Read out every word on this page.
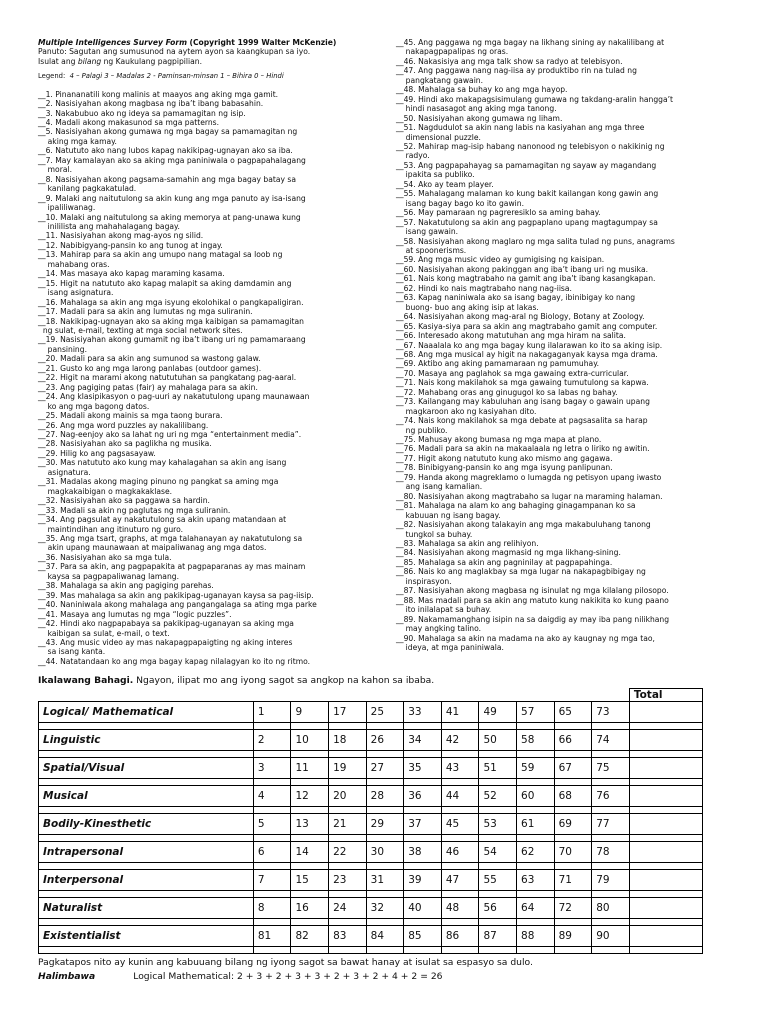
Multiple Intelligences Survey Form (Copyright 1999 Walter McKenzie)
Panuto: Sagutan ang sumusunod na aytem ayon sa kaangkupan sa iyo.
Isulat ang bilang ng Kaukulang pagpipilian.
Legend: 4 – Palagi 3 – Madalas 2 - Paminsan-minsan 1 – Bihira 0 – Hindi
__1. Pinananatili kong malinis at maayos ang aking mga gamit.
__2. Nasisiyahan akong magbasa ng iba’t ibang babasahin.
__3. Nakabubuo ako ng ideya sa pamamagitan ng isip.
__4. Madali akong makasunod sa mga patterns.
__5. Nasisiyahan akong gumawa ng mga bagay sa pamamagitan ng
aking mga kamay.
__6. Natututo ako nang lubos kapag nakikipag-ugnayan ako sa iba.
__7. May kamalayan ako sa aking mga paniniwala o pagpapahalagang
moral.
__8. Nasisiyahan akong pagsama-samahin ang mga bagay batay sa
kanilang pagkakatulad.
__9. Malaki ang naitutulong sa akin kung ang mga panuto ay isa-isang
ipaliliwanag.
__10. Malaki ang naitutulong sa aking memorya at pang-unawa kung
inililista ang mahahalagang bagay.
__11. Nasisiyahan akong mag-ayos ng silid.
__12. Nabibigyang-pansin ko ang tunog at ingay.
__13. Mahirap para sa akin ang umupo nang matagal sa loob ng
mahabang oras.
__14. Mas masaya ako kapag maraming kasama.
__15. Higit na natututo ako kapag malapit sa aking damdamin ang
isang asignatura.
__16. Mahalaga sa akin ang mga isyung ekolohikal o pangkapaligiran.
__17. Madali para sa akin ang lumutas ng mga suliranin.
__18. Nakikipag-ugnayan ako sa aking mga kaibigan sa pamamagitan
ng sulat, e-mail, texting at mga social network sites.
__19. Nasisiyahan akong gumamit ng iba’t ibang uri ng pamamaraang
pansining.
__20. Madali para sa akin ang sumunod sa wastong galaw.
__21. Gusto ko ang mga larong panlabas (outdoor games).
__22. Higit na marami akong natututuhan sa pangkatang pag-aaral.
__23. Ang pagiging patas (fair) ay mahalaga para sa akin.
__24. Ang klasipikasyon o pag-uuri ay nakatutulong upang maunawaan
ko ang mga bagong datos.
__25. Madali akong mainis sa mga taong burara.
__26. Ang mga word puzzles ay nakalilibang.
__27. Nag-eenjoy ako sa lahat ng uri ng mga “entertainment media”.
__28. Nasisiyahan ako sa paglikha ng musika.
__29. Hilig ko ang pagsasayaw.
__30. Mas natututo ako kung may kahalagahan sa akin ang isang
asignatura.
__31. Madalas akong maging pinuno ng pangkat sa aming mga
magkakaibigan o magkakaklase.
__32. Nasisiyahan ako sa paggawa sa hardin.
__33. Madali sa akin ng paglutas ng mga suliranin.
__34. Ang pagsulat ay nakatutulong sa akin upang matandaan at
maintindihan ang itinuturo ng guro.
__35. Ang mga tsart, graphs, at mga talahanayan ay nakatutulong sa
akin upang maunawaan at maipaliwanag ang mga datos.
__36. Nasisiyahan ako sa mga tula.
__37. Para sa akin, ang pagpapakita at pagpaparanas ay mas mainam
kaysa sa pagpapaliwanag lamang.
__38. Mahalaga sa akin ang pagiging parehas.
__39. Mas mahalaga sa akin ang pakikipag-uganayan kaysa sa pag-iisip.
__40. Naniniwala akong mahalaga ang pangangalaga sa ating mga parke
__41. Masaya ang lumutas ng mga “logic puzzles”.
__42. Hindi ako nagpapabaya sa pakikipag-uganayan sa aking mga
kaibigan sa sulat, e-mail, o text.
__43. Ang music video ay mas nakapagpapaigting ng aking interes
sa isang kanta.
__44. Natatandaan ko ang mga bagay kapag nilalagyan ko ito ng ritmo.
__45. Ang paggawa ng mga bagay na likhang sining ay nakalilibang at
nakapagpapalipas ng oras.
__46. Nakasisiya ang mga talk show sa radyo at telebisyon.
__47. Ang paggawa nang nag-iisa ay produktibo rin na tulad ng
pangkatang gawain.
__48. Mahalaga sa buhay ko ang mga hayop.
__49. Hindi ako makapagsisimulang gumawa ng takdang-aralin hangga’t
hindi nasasagot ang aking mga tanong.
__50. Nasisiyahan akong gumawa ng liham.
__51. Nagdudulot sa akin nang labis na kasiyahan ang mga three
dimensional puzzle.
__52. Mahirap mag-isip habang nanonood ng telebisyon o nakikinig ng
radyo.
__53. Ang pagpapahayag sa pamamagitan ng sayaw ay magandang
ipakita sa publiko.
__54. Ako ay team player.
__55. Mahalagang malaman ko kung bakit kailangan kong gawin ang
isang bagay bago ko ito gawin.
__56. May pamaraan ng pagreresiklo sa aming bahay.
__57. Nakatutulong sa akin ang pagpaplano upang magtagumpay sa
isang gawain.
__58. Nasisiyahan akong maglaro ng mga salita tulad ng puns, anagrams
at spoonerisms.
__59. Ang mga music video ay gumigising ng kaisipan.
__60. Nasisiyahan akong pakinggan ang iba’t ibang uri ng musika.
__61. Nais kong magtrabaho na gamit ang iba’t ibang kasangkapan.
__62. Hindi ko nais magtrabaho nang nag-iisa.
__63. Kapag naniniwala ako sa isang bagay, ibinibigay ko nang
buong- buo ang aking isip at lakas.
__64. Nasisiyahan akong mag-aral ng Biology, Botany at Zoology.
__65. Kasiya-siya para sa akin ang magtrabaho gamit ang computer.
__66. Interesado akong matutuhan ang mga hiram na salita.
__67. Naaalala ko ang mga bagay kung ilalarawan ko ito sa aking isip.
__68. Ang mga musical ay higit na nakagaganyak kaysa mga drama.
__69. Aktibo ang aking pamamaraan ng pamumuhay.
__70. Masaya ang paglahok sa mga gawaing extra-curricular.
__71. Nais kong makilahok sa mga gawaing tumutulong sa kapwa.
__72. Mahabang oras ang ginugugol ko sa labas ng bahay.
__73. Kailangang may kabuluhan ang isang bagay o gawain upang
magkaroon ako ng kasiyahan dito.
__74. Nais kong makilahok sa mga debate at pagsasalita sa harap
ng publiko.
__75. Mahusay akong bumasa ng mga mapa at plano.
__76. Madali para sa akin na makaalaala ng letra o liriko ng awitin.
__77. Higit akong natututo kung ako mismo ang gagawa.
__78. Binibigyang-pansin ko ang mga isyung panlipunan.
__79. Handa akong magreklamo o lumagda ng petisyon upang iwasto
ang isang kamalian.
__80. Nasisiyahan akong magtrabaho sa lugar na maraming halaman.
__81. Mahalaga na alam ko ang bahaging ginagampanan ko sa
kabuuan ng isang bagay.
__82. Nasisiyahan akong talakayin ang mga makabuluhang tanong
tungkol sa buhay.
__83. Mahalaga sa akin ang relihiyon.
__84. Nasisiyahan akong magmasid ng mga likhang-sining.
__85. Mahalaga sa akin ang pagninilay at pagpapahinga.
__86. Nais ko ang maglakbay sa mga lugar na nakapagbibigay ng
inspirasyon.
__87. Nasisiyahan akong magbasa ng isinulat ng mga kilalang pilosopo.
__88. Mas madali para sa akin ang matuto kung nakikita ko kung paano
ito inilalapat sa buhay.
__89. Nakamamanghang isipin na sa daigdig ay may iba pang nilikhang
may angking talino.
__90. Mahalaga sa akin na madama na ako ay kaugnay ng mga tao,
ideya, at mga paniniwala.
Ikalawang Bahagi. Ngayon, ilipat mo ang iyong sagot sa angkop na kahon sa ibaba.
											Total
Logical/ Mathematical	1	9	17	25	33	41	49	57	65	73	

Linguistic	2	10	18	26	34	42	50	58	66	74	

Spatial/Visual	3	11	19	27	35	43	51	59	67	75	

Musical	4	12	20	28	36	44	52	60	68	76	

Bodily-Kinesthetic	5	13	21	29	37	45	53	61	69	77	

Intrapersonal	6	14	22	30	38	46	54	62	70	78	

Interpersonal	7	15	23	31	39	47	55	63	71	79	

Naturalist	8	16	24	32	40	48	56	64	72	80	

Existentialist	81	82	83	84	85	86	87	88	89	90	

Pagkatapos nito ay kunin ang kabuuang bilang ng iyong sagot sa bawat hanay at isulat sa espasyo sa dulo.
Halimbawa	Logical Mathematical: 2 + 3 + 2 + 3 + 3 + 2 + 3 + 2 + 4 + 2 = 26
